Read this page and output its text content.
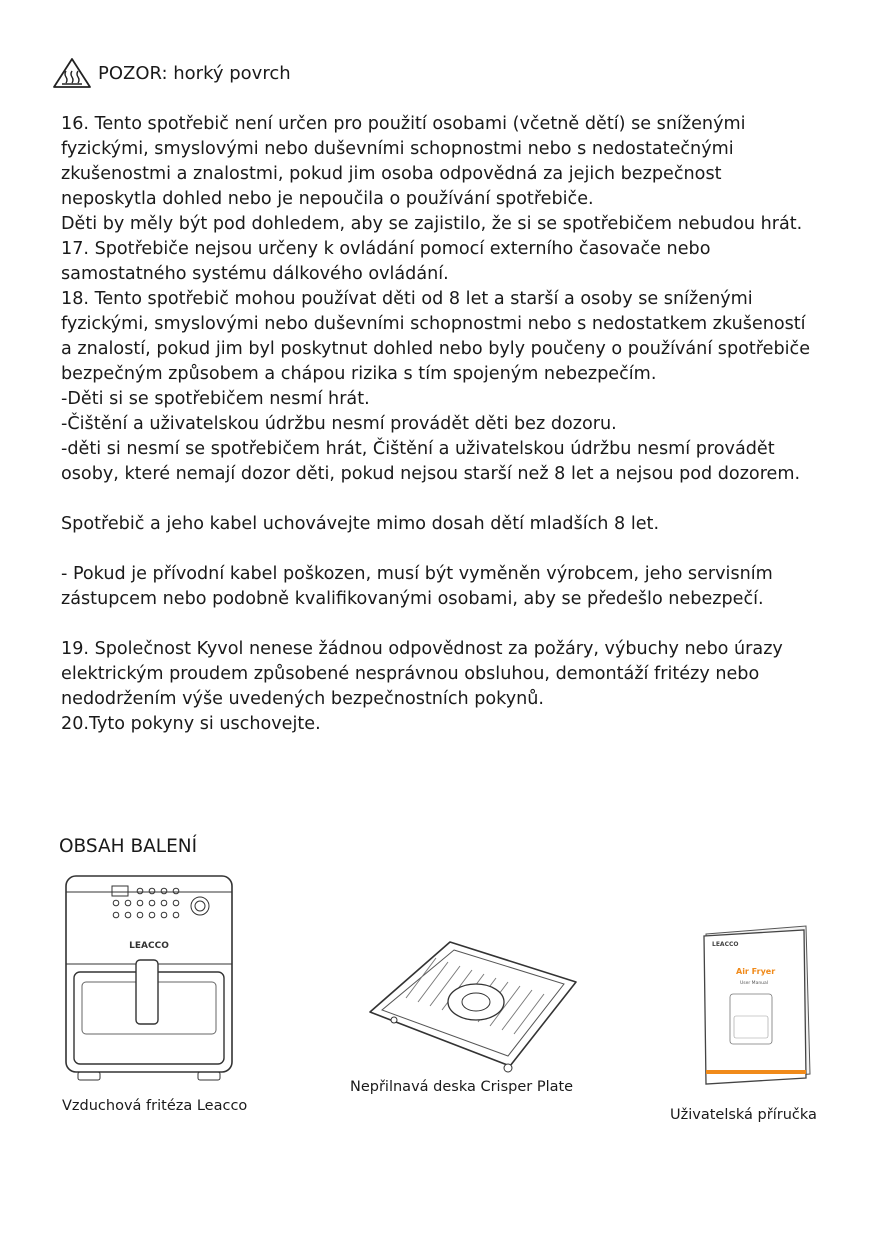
POZOR: horký povrch

16. Tento spotřebič není určen pro použití osobami (včetně dětí) se sníženými fyzickými, smyslovými nebo duševními schopnostmi nebo s nedostatečnými zkušenostmi a znalostmi, pokud jim osoba odpovědná za jejich bezpečnost neposkytla dohled nebo je nepoučila o používání spotřebiče.

Děti by měly být pod dohledem, aby se zajistilo, že si se spotřebičem nebudou hrát.

17. Spotřebiče nejsou určeny k ovládání pomocí externího časovače nebo samostatného systému dálkového ovládání.

18. Tento spotřebič mohou používat děti od 8 let a starší a osoby se sníženými fyzickými, smyslovými nebo duševními schopnostmi nebo s nedostatkem zkušeností a znalostí, pokud jim byl poskytnut dohled nebo byly poučeny o používání spotřebiče bezpečným způsobem a chápou rizika s tím spojeným nebezpečím.

-Děti si se spotřebičem nesmí hrát.

-Čištění a uživatelskou údržbu nesmí provádět děti bez dozoru.

-děti si nesmí se spotřebičem hrát, Čištění a uživatelskou údržbu nesmí provádět osoby, které nemají dozor děti, pokud nejsou starší než 8 let a nejsou pod dozorem.

Spotřebič a jeho kabel uchovávejte mimo dosah dětí mladších 8 let.

- Pokud je přívodní kabel poškozen, musí být vyměněn výrobcem, jeho servisním zástupcem nebo podobně kvalifikovanými osobami, aby se předešlo nebezpečí.

19. Společnost Kyvol nenese žádnou odpovědnost za požáry, výbuchy nebo úrazy elektrickým proudem způsobené nesprávnou obsluhou, demontáží fritézy nebo nedodržením výše uvedených bezpečnostních pokynů.

20.Tyto pokyny si uschovejte.

OBSAH BALENÍ
LEACCO
Vzduchová fritéza Leacco
Nepřilnavá deska Crisper Plate
LEACCO
Air Fryer
User Manual
Uživatelská příručka
